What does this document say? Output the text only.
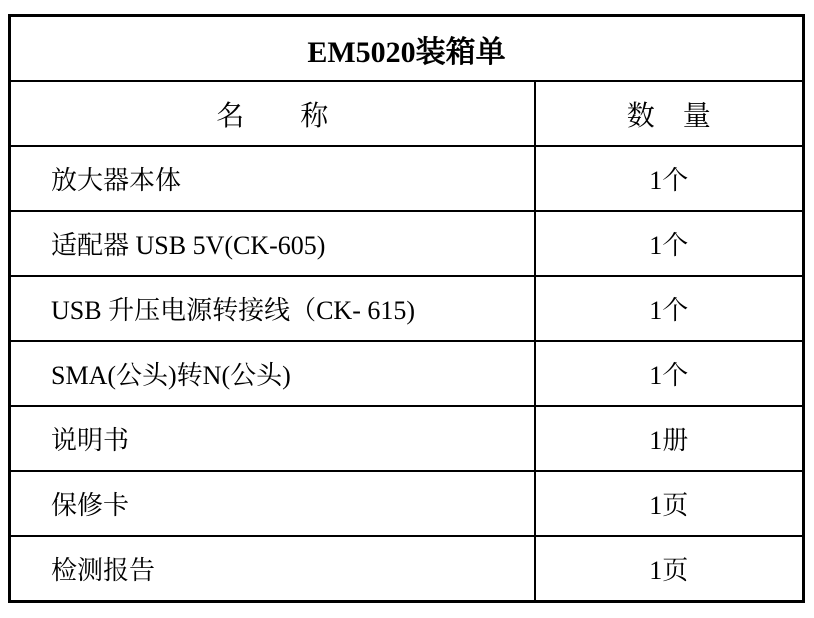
EM5020装箱单	
名　　称	数　量
放大器本体	1个
适配器 USB 5V(CK-605)	1个
USB 升压电源转接线（CK- 615)	1个
SMA(公头)转N(公头)	1个
说明书	1册
保修卡	1页
检测报告	1页
